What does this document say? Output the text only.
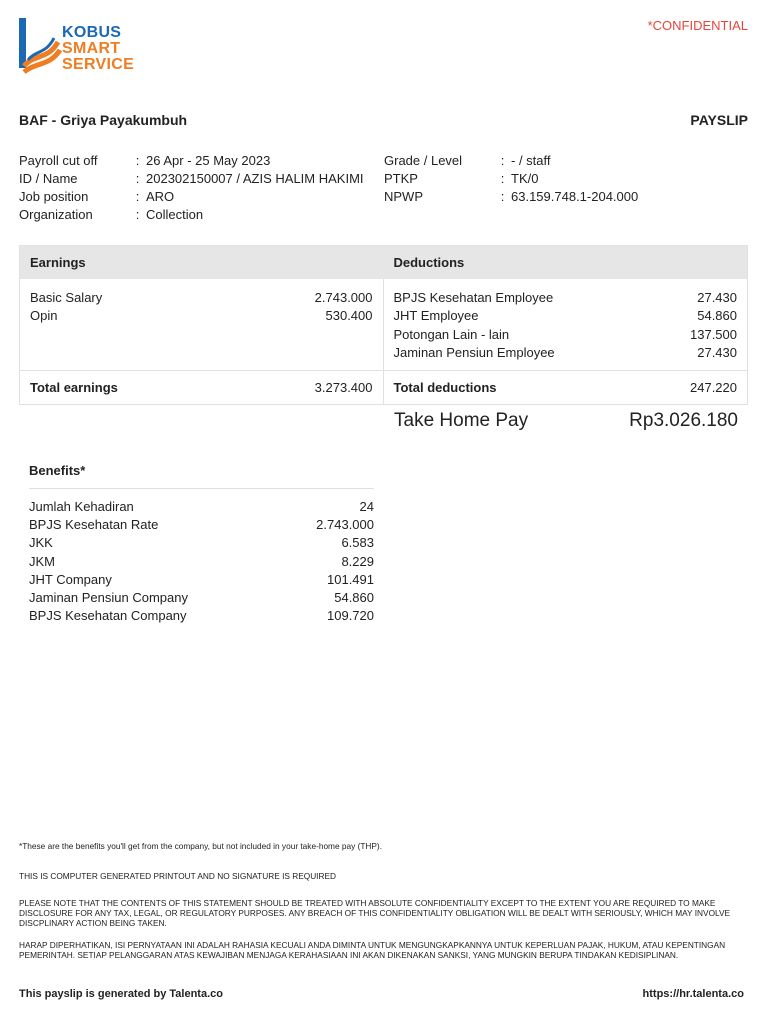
KOBUS
SMART
SERVICE
*CONFIDENTIAL
BAF - Griya Payakumbuh	PAYSLIP
Payroll cut off	: 26 Apr - 25 May 2023
ID / Name	: 202302150007 / AZIS HALIM HAKIMI
Job position	: ARO
Organization	: Collection
Grade / Level	: - / staff
PTKP	: TK/0
NPWP	: 63.159.748.1-204.000
Earnings	Deductions
Basic Salary	2.743.000
Opin	530.400
BPJS Kesehatan Employee	27.430
JHT Employee	54.860
Potongan Lain - lain	137.500
Jaminan Pensiun Employee	27.430
Total earnings	3.273.400 Total deductions	247.220
Take Home Pay	Rp3.026.180
Benefits*
Jumlah Kehadiran	24
BPJS Kesehatan Rate	2.743.000
JKK	6.583
JKM	8.229
JHT Company	101.491
Jaminan Pensiun Company	54.860
BPJS Kesehatan Company	109.720
*These are the benefits you'll get from the company, but not included in your take-home pay (THP).
THIS IS COMPUTER GENERATED PRINTOUT AND NO SIGNATURE IS REQUIRED
PLEASE NOTE THAT THE CONTENTS OF THIS STATEMENT SHOULD BE TREATED WITH ABSOLUTE CONFIDENTIALITY EXCEPT TO THE EXTENT YOU ARE REQUIRED TO MAKE DISCLOSURE FOR ANY TAX, LEGAL, OR REGULATORY PURPOSES. ANY BREACH OF THIS CONFIDENTIALITY OBLIGATION WILL BE DEALT WITH SERIOUSLY, WHICH MAY INVOLVE DISCPLINARY ACTION BEING TAKEN.
HARAP DIPERHATIKAN, ISI PERNYATAAN INI ADALAH RAHASIA KECUALI ANDA DIMINTA UNTUK MENGUNGKAPKANNYA UNTUK KEPERLUAN PAJAK, HUKUM, ATAU KEPENTINGAN PEMERINTAH. SETIAP PELANGGARAN ATAS KEWAJIBAN MENJAGA KERAHASIAAN INI AKAN DIKENAKAN SANKSI, YANG MUNGKIN BERUPA TINDAKAN KEDISIPLINAN.
This payslip is generated by Talenta.co	https://hr.talenta.co
